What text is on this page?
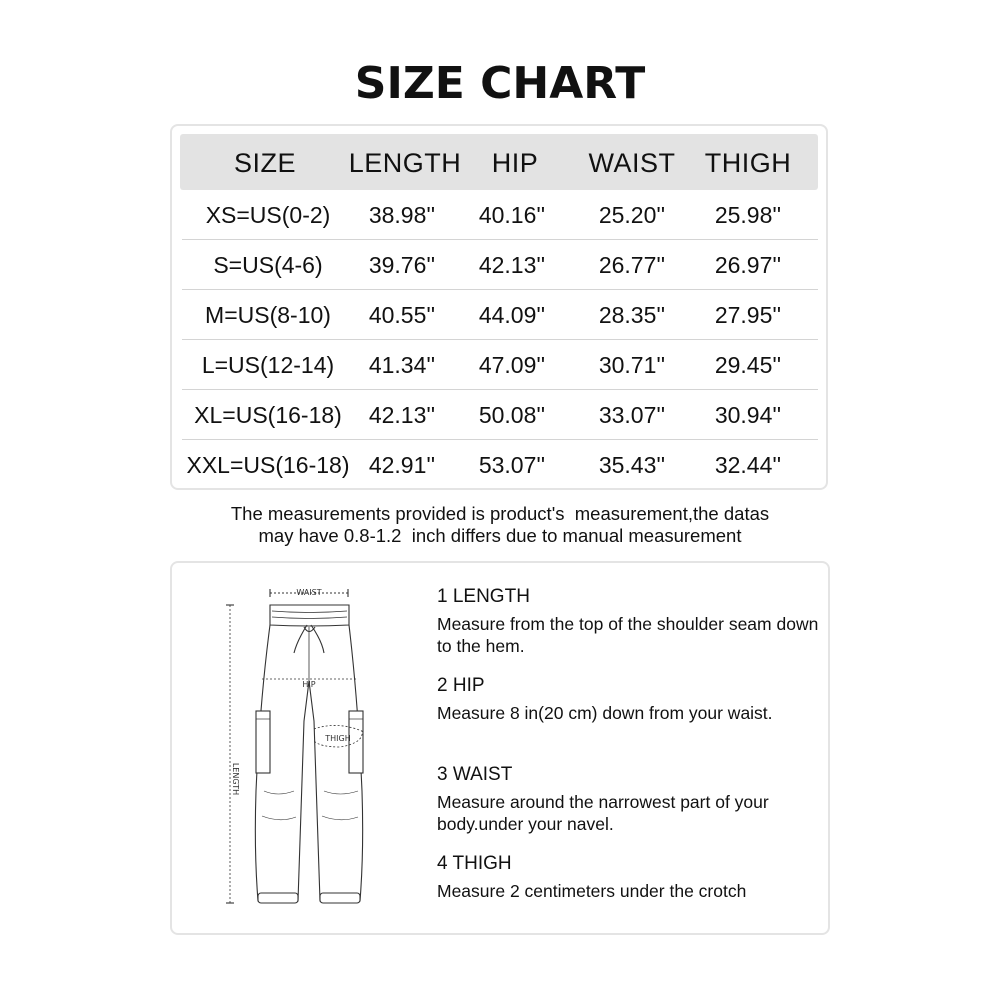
SIZE CHART
SIZE	LENGTH	HIP	WAIST	THIGH
XS=US(0-2)	38.98''	40.16''	25.20''	25.98''
S=US(4-6)	39.76''	42.13''	26.77''	26.97''
M=US(8-10)	40.55''	44.09''	28.35''	27.95''
L=US(12-14)	41.34''	47.09''	30.71''	29.45''
XL=US(16-18)	42.13''	50.08''	33.07''	30.94''
XXL=US(16-18) 42.91''	53.07''	35.43''	32.44''
The measurements provided is product's  measurement,the datas
may have 0.8-1.2  inch differs due to manual measurement
WAIST
HIP
THIGH
LENGTH
1 LENGTH
Measure from the top of the shoulder seam down to the hem.
2 HIP
Measure 8 in(20 cm) down from your waist.
3 WAIST
Measure around the narrowest part of your body.under your navel.
4 THIGH
Measure 2 centimeters under the crotch
